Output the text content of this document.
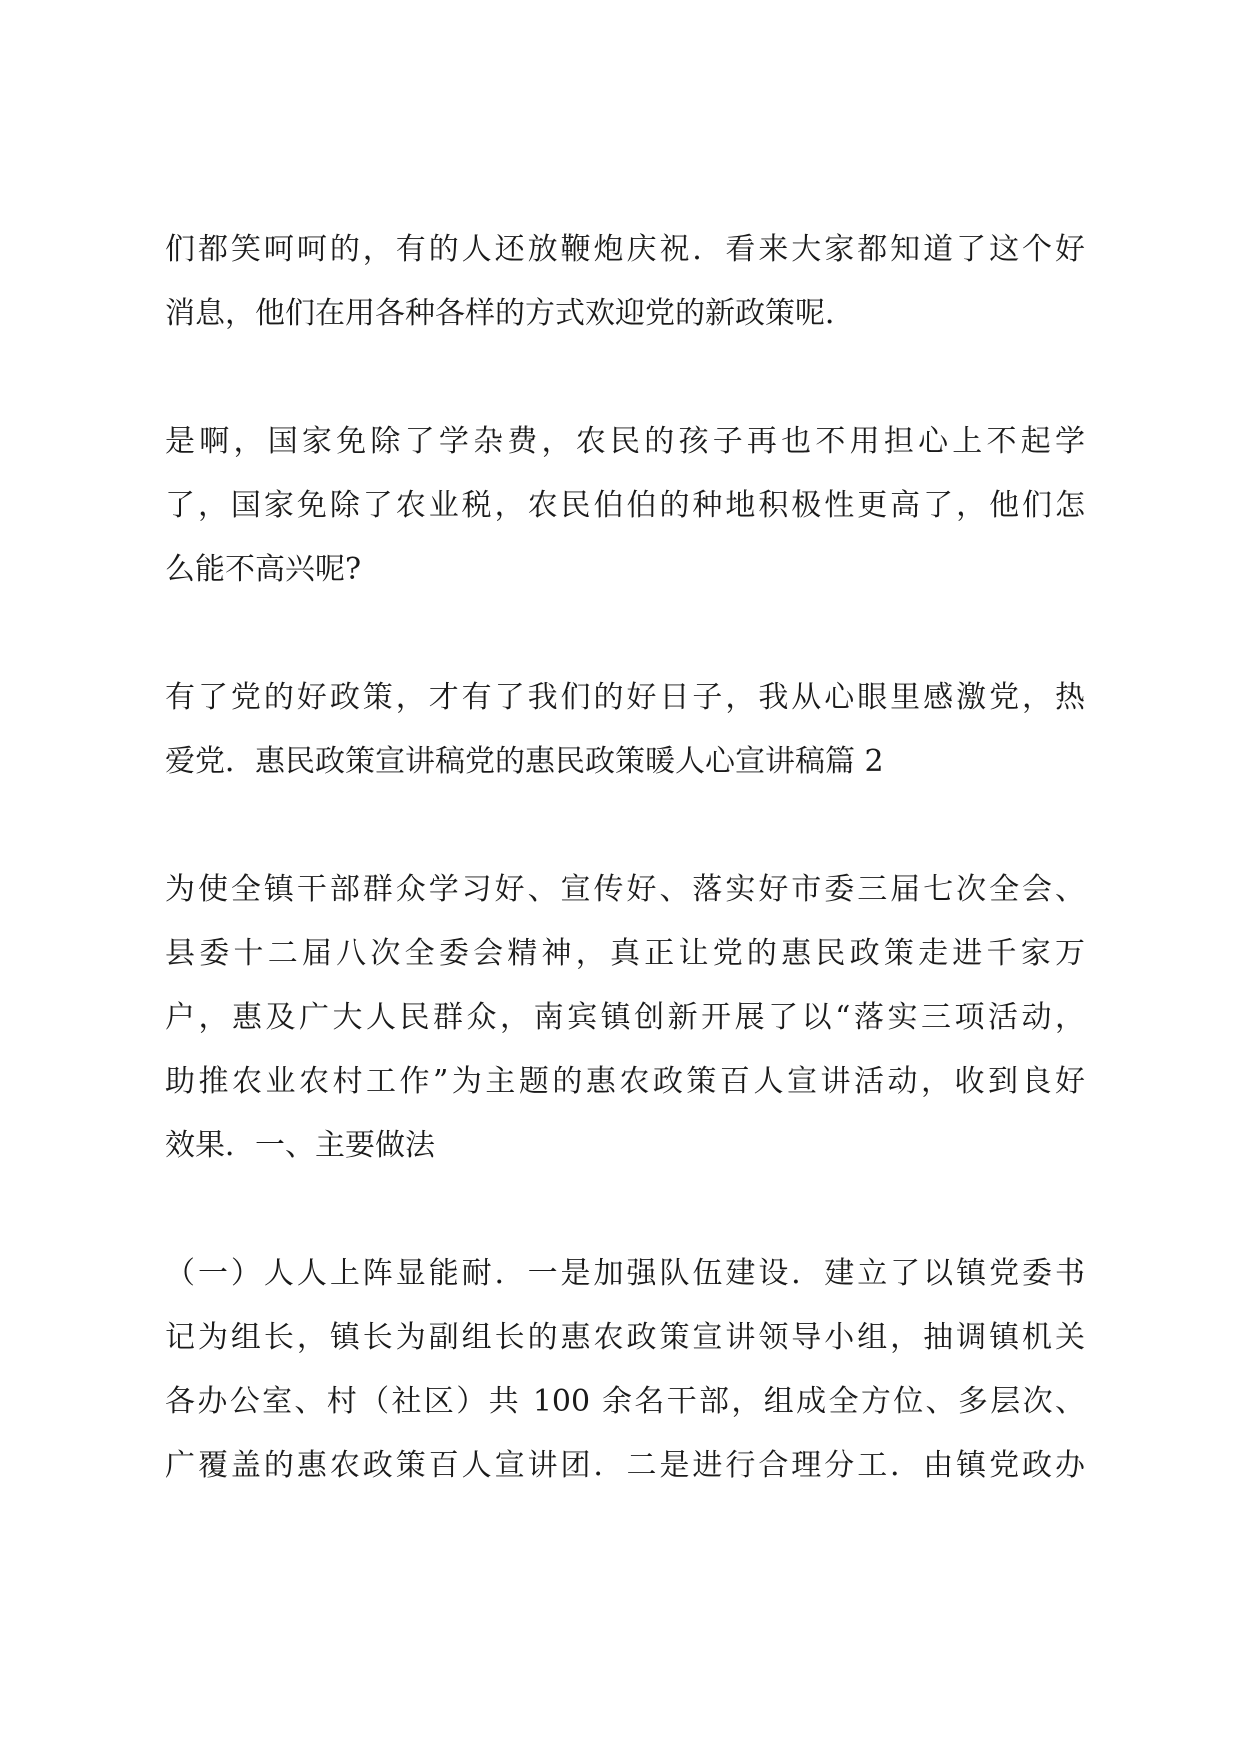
们都笑呵呵的，有的人还放鞭炮庆祝．看来大家都知道了这个好
消息，他们在用各种各样的方式欢迎党的新政策呢．
是啊，国家免除了学杂费，农民的孩子再也不用担心上不起学
了，国家免除了农业税，农民伯伯的种地积极性更高了，他们怎
么能不高兴呢?
有了党的好政策，才有了我们的好日子，我从心眼里感激党，热
爱党．惠民政策宣讲稿党的惠民政策暖人心宣讲稿篇 2
为使全镇干部群众学习好、宣传好、落实好市委三届七次全会、
县委十二届八次全委会精神，真正让党的惠民政策走进千家万
户，惠及广大人民群众，南宾镇创新开展了以“落实三项活动，
助推农业农村工作”为主题的惠农政策百人宣讲活动，收到良好
效果．一、主要做法
（一）人人上阵显能耐．一是加强队伍建设．建立了以镇党委书
记为组长，镇长为副组长的惠农政策宣讲领导小组，抽调镇机关
各办公室、村（社区）共 100 余名干部，组成全方位、多层次、
广覆盖的惠农政策百人宣讲团．二是进行合理分工．由镇党政办
